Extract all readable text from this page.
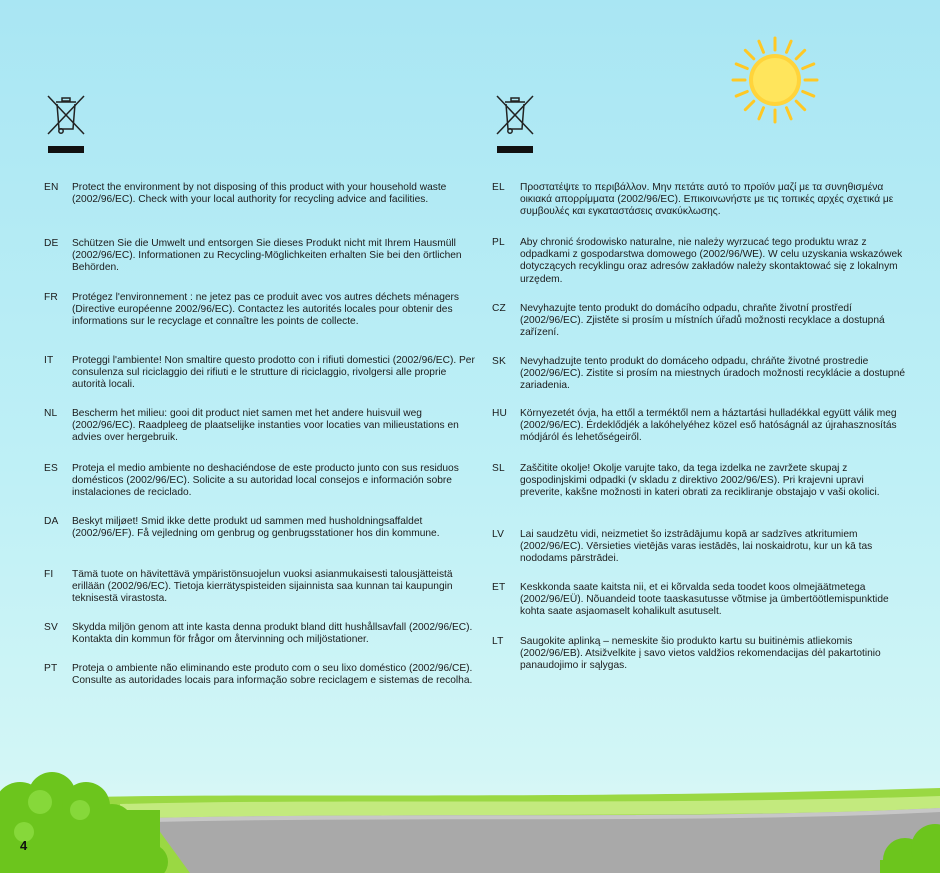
EN	Protect the environment by not disposing of this product with your household waste (2002/96/EC). Check with your local authority for recycling advice and facilities.
DE	Schützen Sie die Umwelt und entsorgen Sie dieses Produkt nicht mit Ihrem Hausmüll (2002/96/EC). Informationen zu Recycling-Möglichkeiten erhalten Sie bei den örtlichen Behörden.
FR	Protégez l'environnement : ne jetez pas ce produit avec vos autres déchets ménagers (Directive européenne 2002/96/EC). Contactez les autorités locales pour obtenir des informations sur le recyclage et connaître les points de collecte.
IT	Proteggi l'ambiente! Non smaltire questo prodotto con i rifiuti domestici (2002/96/EC). Per consulenza sul riciclaggio dei rifiuti e le strutture di riciclaggio, rivolgersi alle proprie autorità locali.
NL	Bescherm het milieu: gooi dit product niet samen met het andere huisvuil weg (2002/96/EC). Raadpleeg de plaatselijke instanties voor locaties van milieustations en advies over hergebruik.
ES	Proteja el medio ambiente no deshaciéndose de este producto junto con sus residuos domésticos (2002/96/EC). Solicite a su autoridad local consejos e información sobre instalaciones de reciclado.
DA	Beskyt miljøet! Smid ikke dette produkt ud sammen med husholdningsaffaldet (2002/96/EF). Få vejledning om genbrug og genbrugsstationer hos din kommune.
FI	Tämä tuote on hävitettävä ympäristönsuojelun vuoksi asianmukaisesti talousjätteistä erillään (2002/96/EC). Tietoja kierrätyspisteiden sijainnista saa kunnan tai kaupungin teknisestä virastosta.
SV	Skydda miljön genom att inte kasta denna produkt bland ditt hushållsavfall (2002/96/EC). Kontakta din kommun för frågor om återvinning och miljöstationer.
PT	Proteja o ambiente não eliminando este produto com o seu lixo doméstico (2002/96/CE). Consulte as autoridades locais para informação sobre reciclagem e sistemas de recolha.
EL	Προστατέψτε το περιβάλλον. Μην πετάτε αυτό το προϊόν μαζί με τα συνηθισμένα οικιακά απορρίμματα (2002/96/EC). Επικοινωνήστε με τις τοπικές αρχές σχετικά με συμβουλές και εγκαταστάσεις ανακύκλωσης.
PL	Aby chronić środowisko naturalne, nie należy wyrzucać tego produktu wraz z odpadkami z gospodarstwa domowego (2002/96/WE). W celu uzyskania wskazówek dotyczących recyklingu oraz adresów zakładów należy skontaktować się z lokalnym urzędem.
CZ	Nevyhazujte tento produkt do domácího odpadu, chraňte životní prostředí (2002/96/EC). Zjistěte si prosím u místních úřadů možnosti recyklace a dostupná zařízení.
SK	Nevyhadzujte tento produkt do domáceho odpadu, chráňte životné prostredie (2002/96/EC). Zistite si prosím na miestnych úradoch možnosti recyklácie a dostupné zariadenia.
HU	Környezetét óvja, ha ettől a terméktől nem a háztartási hulladékkal együtt válik meg (2002/96/EC). Érdeklődjék a lakóhelyéhez közel eső hatóságnál az újrahasznosítás módjáról és lehetőségeiről.
SL	Zaščitite okolje! Okolje varujte tako, da tega izdelka ne zavržete skupaj z gospodinjskimi odpadki (v skladu z direktivo 2002/96/ES). Pri krajevni upravi preverite, kakšne možnosti in kateri obrati za recikliranje obstajajo v vaši okolici.
LV	Lai saudzētu vidi, neizmetiet šo izstrādājumu kopā ar sadzīves atkritumiem (2002/96/EC). Vērsieties vietējās varas iestādēs, lai noskaidrotu, kur un kā tas nododams pārstrādei.
ET	Keskkonda saate kaitsta nii, et ei kõrvalda seda toodet koos olmejäätmetega (2002/96/EÜ). Nõuandeid toote taaskasutusse võtmise ja ümbertöötlemispunktide kohta saate asjaomaselt kohalikult asutuselt.
LT	Saugokite aplinką – nemeskite šio produkto kartu su buitinėmis atliekomis (2002/96/EB). Atsižvelkite į savo vietos valdžios rekomendacijas dėl pakartotinio panaudojimo ir sąlygas.
4
